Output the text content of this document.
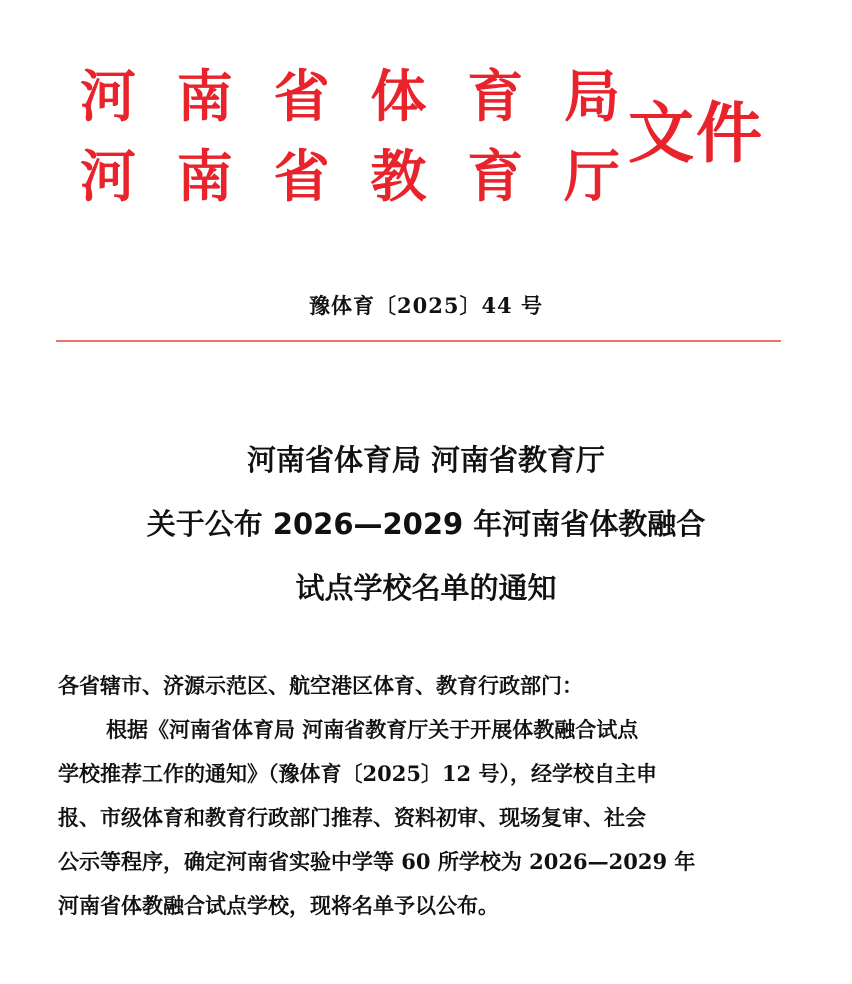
河 南 省 体 育 局
河 南 省 教 育 厅
文件
豫体育〔2025〕44 号
河南省体育局 河南省教育厅
关于公布 2026—2029 年河南省体教融合
试点学校名单的通知

各省辖市、济源示范区、航空港区体育、教育行政部门：

根据《河南省体育局 河南省教育厅关于开展体教融合试点

学校推荐工作的通知》（豫体育〔2025〕12 号），经学校自主申

报、市级体育和教育行政部门推荐、资料初审、现场复审、社会

公示等程序，确定河南省实验中学等 60 所学校为 2026—2029 年

河南省体教融合试点学校，现将名单予以公布。
